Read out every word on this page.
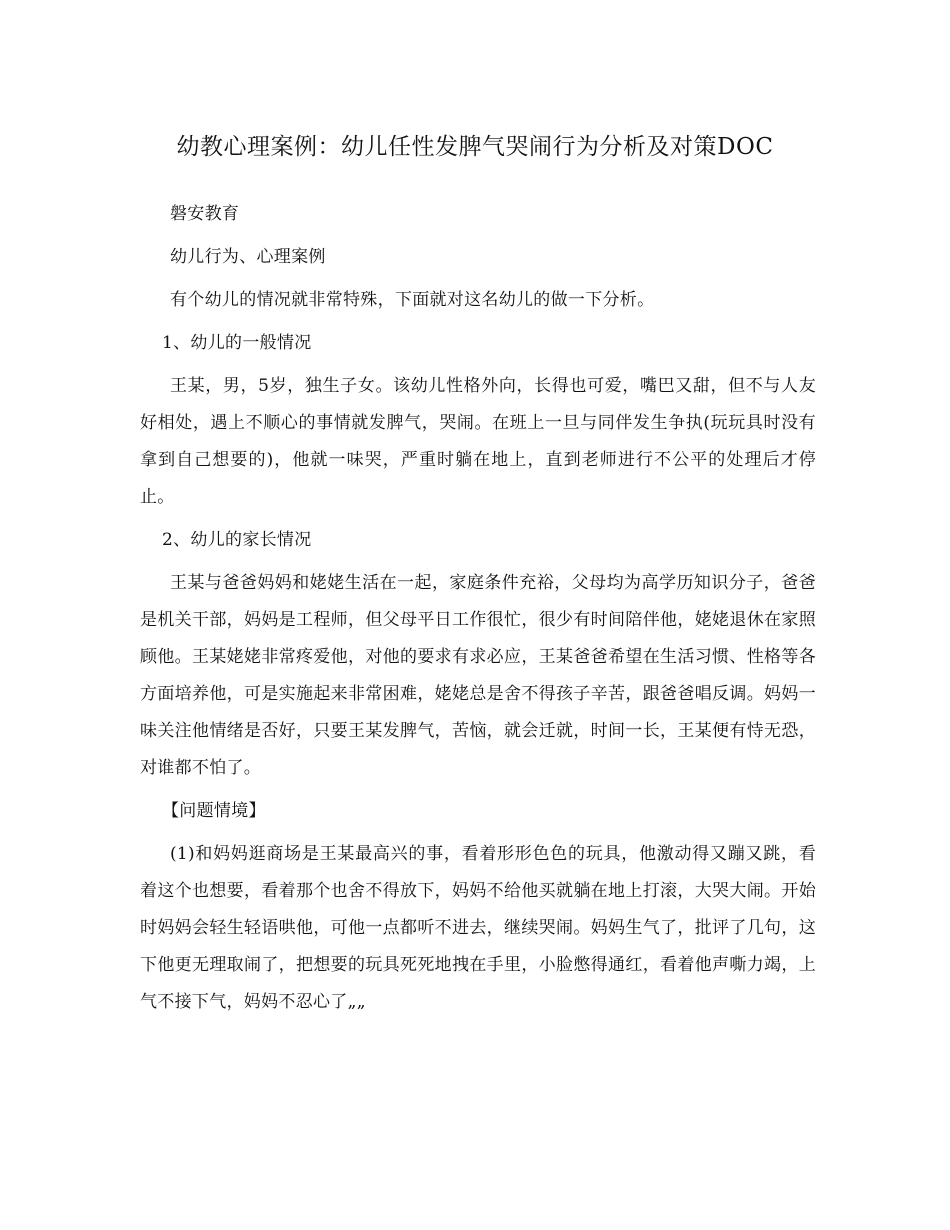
幼教心理案例：幼儿任性发脾气哭闹行为分析及对策DOC

磐安教育

幼儿行为、心理案例

有个幼儿的情况就非常特殊，下面就对这名幼儿的做一下分析。

1、幼儿的一般情况

王某，男，5岁，独生子女。该幼儿性格外向，长得也可爱，嘴巴又甜，但不与人友好相处，遇上不顺心的事情就发脾气，哭闹。在班上一旦与同伴发生争执(玩玩具时没有拿到自己想要的)，他就一味哭，严重时躺在地上，直到老师进行不公平的处理后才停止。

2、幼儿的家长情况

王某与爸爸妈妈和姥姥生活在一起，家庭条件充裕，父母均为高学历知识分子，爸爸是机关干部，妈妈是工程师，但父母平日工作很忙，很少有时间陪伴他，姥姥退休在家照顾他。王某姥姥非常疼爱他，对他的要求有求必应，王某爸爸希望在生活习惯、性格等各方面培养他，可是实施起来非常困难，姥姥总是舍不得孩子辛苦，跟爸爸唱反调。妈妈一味关注他情绪是否好，只要王某发脾气，苦恼，就会迁就，时间一长，王某便有恃无恐，对谁都不怕了。

【问题情境】

(1)和妈妈逛商场是王某最高兴的事，看着形形色色的玩具，他激动得又蹦又跳，看着这个也想要，看着那个也舍不得放下，妈妈不给他买就躺在地上打滚，大哭大闹。开始时妈妈会轻生轻语哄他，可他一点都听不进去，继续哭闹。妈妈生气了，批评了几句，这下他更无理取闹了，把想要的玩具死死地拽在手里，小脸憋得通红，看着他声嘶力竭，上气不接下气，妈妈不忍心了„„
